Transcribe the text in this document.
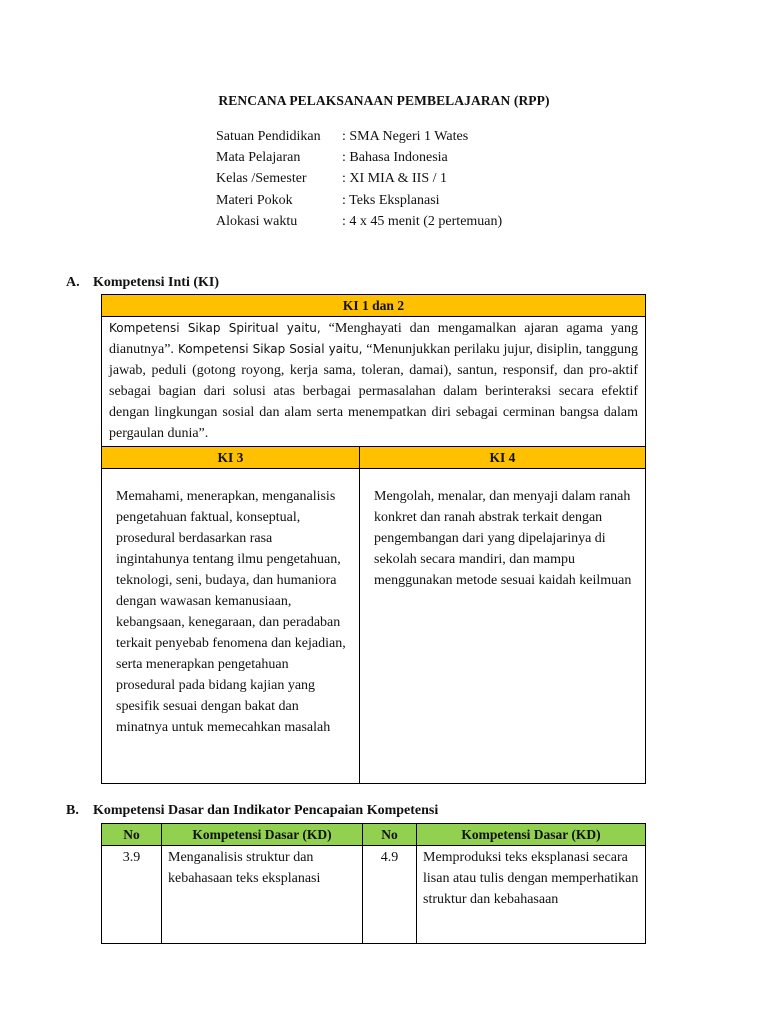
RENCANA PELAKSANAAN PEMBELAJARAN (RPP)
Satuan Pendidikan	: SMA Negeri 1 Wates
Mata Pelajaran	: Bahasa Indonesia
Kelas /Semester	: XI MIA & IIS / 1
Materi Pokok	: Teks Eksplanasi
Alokasi waktu	: 4 x 45 menit (2 pertemuan)
A. Kompetensi Inti (KI)
KI 1 dan 2	
Kompetensi Sikap Spiritual yaitu, “Menghayati dan mengamalkan ajaran agama yang dianutnya”. Kompetensi Sikap Sosial yaitu, “Menunjukkan perilaku jujur, disiplin, tanggung jawab, peduli (gotong royong, kerja sama, toleran, damai), santun, responsif, dan pro-aktif sebagai bagian dari solusi atas berbagai permasalahan dalam berinteraksi secara efektif dengan lingkungan sosial dan alam serta menempatkan diri sebagai cerminan bangsa dalam pergaulan dunia”.	
KI 3	KI 4

Memahami, menerapkan, menganalisis pengetahuan faktual, konseptual, prosedural berdasarkan rasa ingintahunya tentang ilmu pengetahuan, teknologi, seni, budaya, dan humaniora dengan wawasan kemanusiaan, kebangsaan, kenegaraan, dan peradaban terkait penyebab fenomena dan kejadian, serta menerapkan pengetahuan prosedural pada bidang kajian yang spesifik sesuai dengan bakat dan minatnya untuk memecahkan masalah	Mengolah, menalar, dan menyaji dalam ranah konkret dan ranah abstrak terkait dengan pengembangan dari yang dipelajarinya di sekolah secara mandiri, dan mampu menggunakan metode sesuai kaidah keilmuan
B. Kompetensi Dasar dan Indikator Pencapaian Kompetensi
No	Kompetensi Dasar (KD)	No	Kompetensi Dasar (KD)
3.9	Menganalisis struktur dan kebahasaan teks eksplanasi	4.9	Memproduksi teks eksplanasi secara lisan atau tulis dengan memperhatikan struktur dan kebahasaan
